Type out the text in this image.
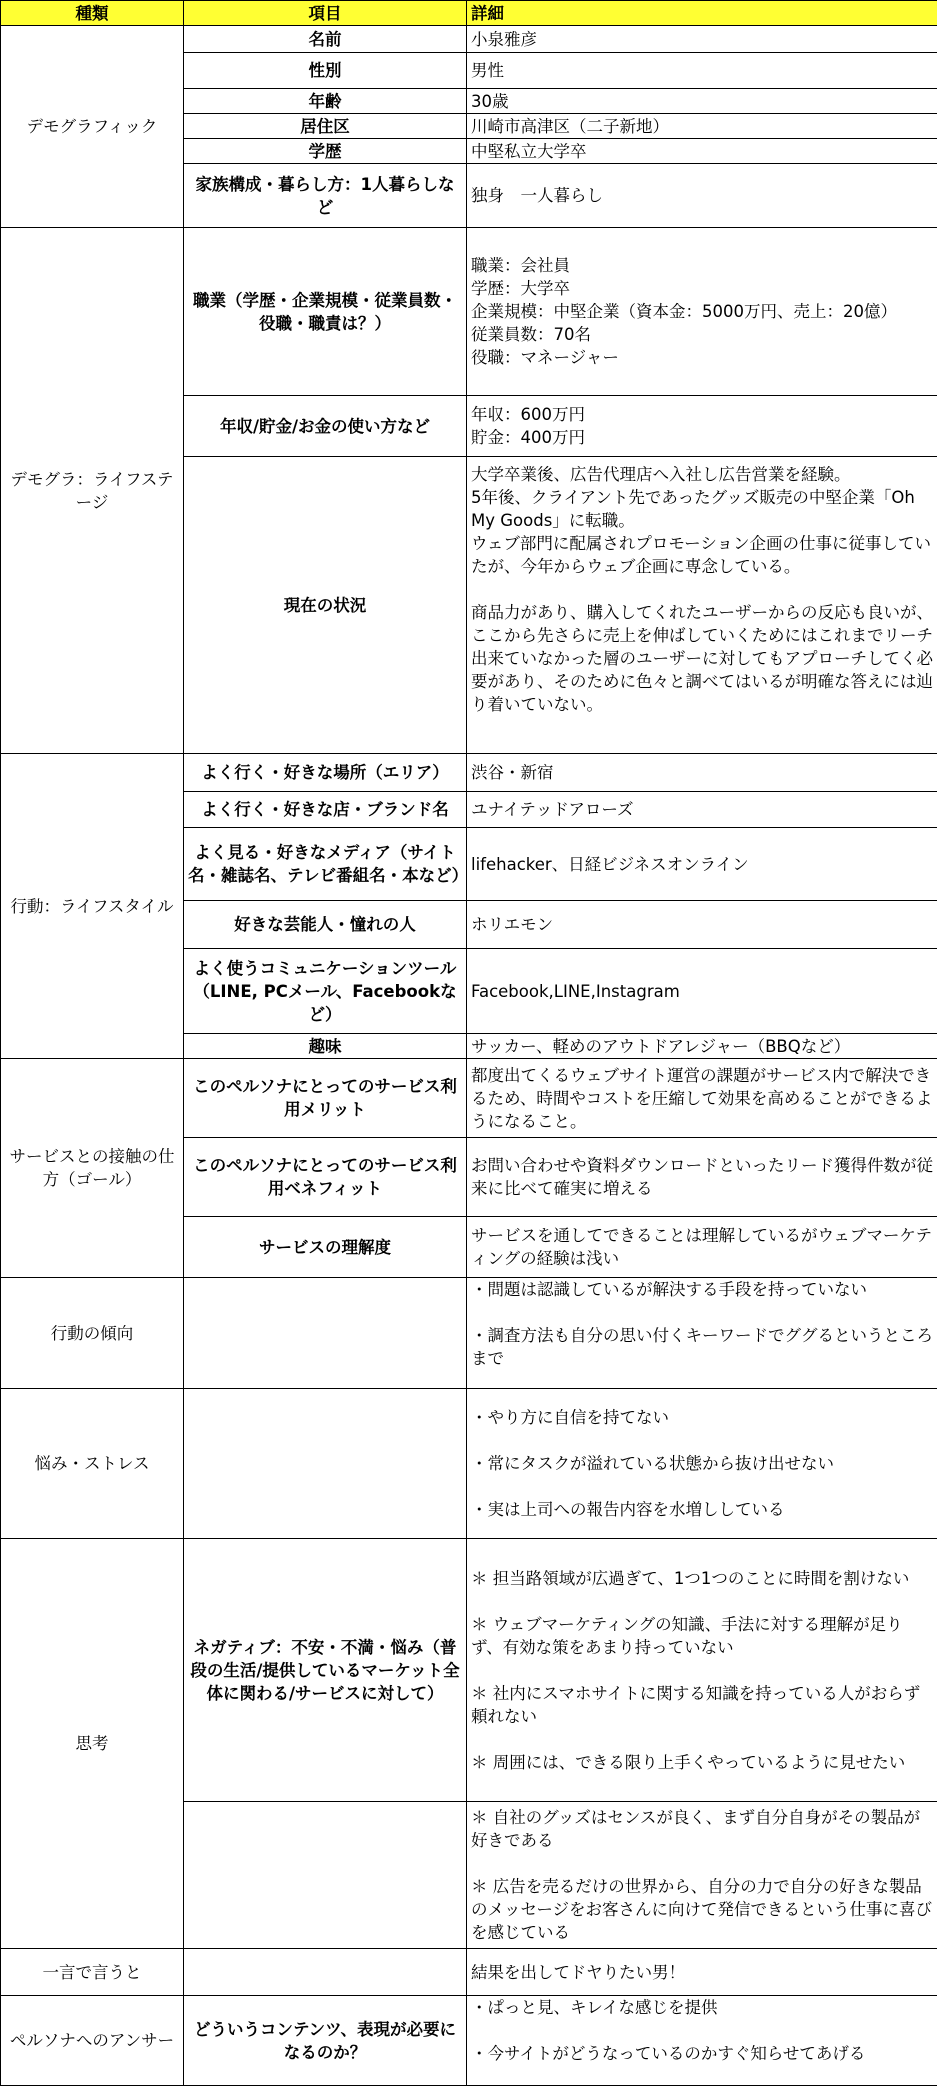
種類	項目	詳細
デモグラフィック	名前	小泉雅彦
	性別	男性
	年齢	30歳
	居住区	川崎市高津区（二子新地）
	学歴	中堅私立大学卒
	家族構成・暮らし方：1人暮らしなど	独身　一人暮らし
デモグラ：ライフステージ	職業（学歴・企業規模・従業員数・役職・職責は？）	職業：会社員
学歴：大学卒
企業規模：中堅企業（資本金：5000万円、売上：20億）
従業員数：70名
役職：マネージャー
	年収/貯金/お金の使い方など	年収：600万円
貯金：400万円
	現在の状況	大学卒業後、広告代理店へ入社し広告営業を経験。
5年後、クライアント先であったグッズ販売の中堅企業「Oh My Goods」に転職。
ウェブ部門に配属されプロモーション企画の仕事に従事していたが、今年からウェブ企画に専念している。

商品力があり、購入してくれたユーザーからの反応も良いが、ここから先さらに売上を伸ばしていくためにはこれまでリーチ出来ていなかった層のユーザーに対してもアプローチしてく必要があり、そのために色々と調べてはいるが明確な答えには辿り着いていない。
行動：ライフスタイル	よく行く・好きな場所（エリア）	渋谷・新宿
	よく行く・好きな店・ブランド名	ユナイテッドアローズ
	よく見る・好きなメディア（サイト名・雑誌名、テレビ番組名・本など）	lifehacker、日経ビジネスオンライン
	好きな芸能人・憧れの人	ホリエモン
	よく使うコミュニケーションツール（LINE, PCメール、Facebookなど）	Facebook,LINE,Instagram
	趣味	サッカー、軽めのアウトドアレジャー（BBQなど）
サービスとの接触の仕方（ゴール）	このペルソナにとってのサービス利用メリット	都度出てくるウェブサイト運営の課題がサービス内で解決できるため、時間やコストを圧縮して効果を高めることができるようになること。
	このペルソナにとってのサービス利用ベネフィット	お問い合わせや資料ダウンロードといったリード獲得件数が従来に比べて確実に増える
	サービスの理解度	サービスを通してできることは理解しているがウェブマーケティングの経験は浅い
行動の傾向		・問題は認識しているが解決する手段を持っていない

・調査方法も自分の思い付くキーワードでググるというところまで
悩み・ストレス		・やり方に自信を持てない

・常にタスクが溢れている状態から抜け出せない

・実は上司への報告内容を水増ししている
思考	ネガティブ：不安・不満・悩み（普段の生活/提供しているマーケット全体に関わる/サービスに対して）	＊ 担当路領域が広過ぎて、1つ1つのことに時間を割けない

＊ ウェブマーケティングの知識、手法に対する理解が足りず、有効な策をあまり持っていない

＊ 社内にスマホサイトに関する知識を持っている人がおらず頼れない

＊ 周囲には、できる限り上手くやっているように見せたい
		＊ 自社のグッズはセンスが良く、まず自分自身がその製品が好きである

＊ 広告を売るだけの世界から、自分の力で自分の好きな製品のメッセージをお客さんに向けて発信できるという仕事に喜びを感じている
一言で言うと		結果を出してドヤりたい男！
ペルソナへのアンサー	どういうコンテンツ、表現が必要になるのか？	・ぱっと見、キレイな感じを提供

・今サイトがどうなっているのかすぐ知らせてあげる
